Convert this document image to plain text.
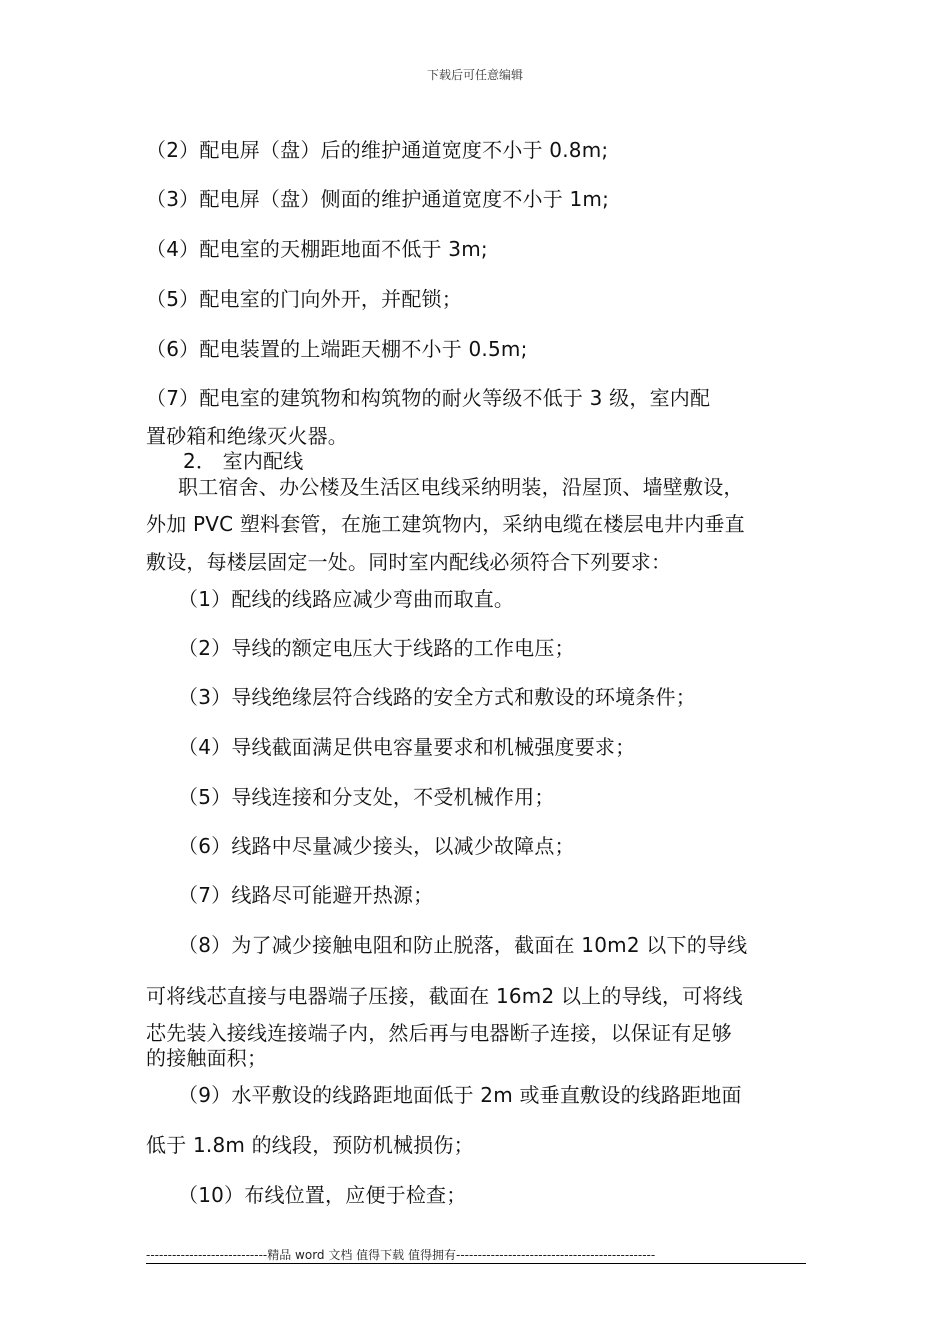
下载后可任意编辑
（2）配电屏（盘）后的维护通道宽度不小于 0.8m;
（3）配电屏（盘）侧面的维护通道宽度不小于 1m;
（4）配电室的天棚距地面不低于 3m;
（5）配电室的门向外开，并配锁；
（6）配电装置的上端距天棚不小于 0.5m;
（7）配电室的建筑物和构筑物的耐火等级不低于 3 级，室内配
置砂箱和绝缘灭火器。
2． 室内配线
职工宿舍、办公楼及生活区电线采纳明装，沿屋顶、墙壁敷设，
外加 PVC 塑料套管，在施工建筑物内，采纳电缆在楼层电井内垂直
敷设，每楼层固定一处。同时室内配线必须符合下列要求：
（1）配线的线路应减少弯曲而取直。
（2）导线的额定电压大于线路的工作电压；
（3）导线绝缘层符合线路的安全方式和敷设的环境条件；
（4）导线截面满足供电容量要求和机械强度要求；
（5）导线连接和分支处，不受机械作用；
（6）线路中尽量减少接头，以减少故障点；
（7）线路尽可能避开热源；
（8）为了减少接触电阻和防止脱落，截面在 10m2 以下的导线
可将线芯直接与电器端子压接，截面在 16m2 以上的导线，可将线
芯先装入接线连接端子内，然后再与电器断子连接，以保证有足够
的接触面积；
（9）水平敷设的线路距地面低于 2m 或垂直敷设的线路距地面
低于 1.8m 的线段，预防机械损伤；
（10）布线位置，应便于检查；
----------------------------精品 word 文档 值得下载 值得拥有----------------------------------------------
